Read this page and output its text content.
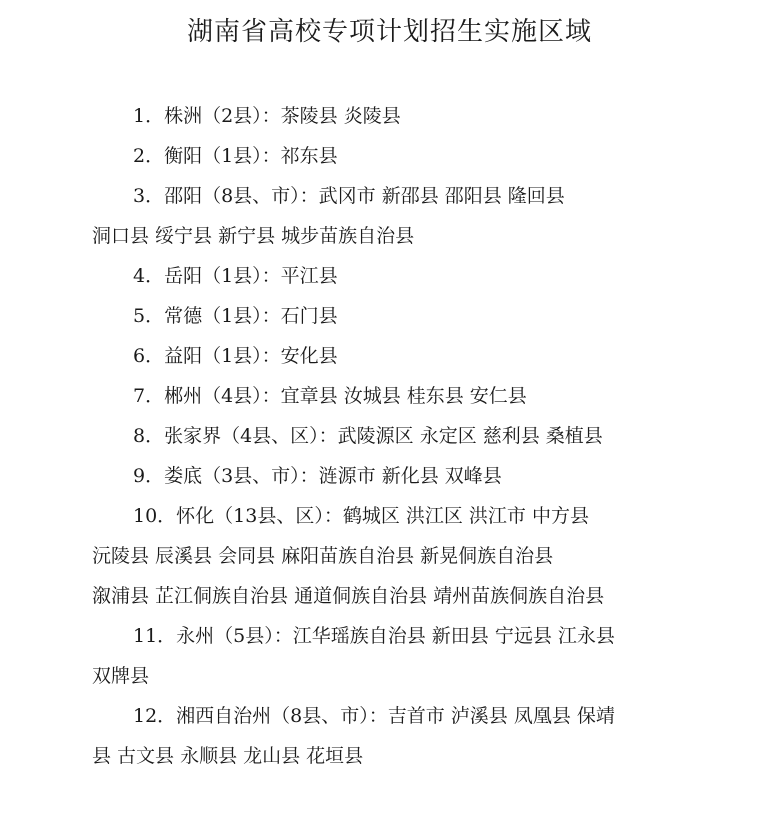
湖南省高校专项计划招生实施区域

1．株洲（2县）：茶陵县 炎陵县

2．衡阳（1县）：祁东县

3．邵阳（8县、市）：武冈市 新邵县 邵阳县 隆回县

洞口县 绥宁县 新宁县 城步苗族自治县

4．岳阳（1县）：平江县

5．常德（1县）：石门县

6．益阳（1县）：安化县

7．郴州（4县）：宜章县 汝城县 桂东县 安仁县

8．张家界（4县、区）：武陵源区 永定区 慈利县 桑植县

9．娄底（3县、市）：涟源市 新化县 双峰县

10．怀化（13县、区）：鹤城区 洪江区 洪江市 中方县

沅陵县 辰溪县 会同县 麻阳苗族自治县 新晃侗族自治县

溆浦县 芷江侗族自治县 通道侗族自治县 靖州苗族侗族自治县

11．永州（5县）：江华瑶族自治县 新田县 宁远县 江永县

双牌县

12．湘西自治州（8县、市）：吉首市 泸溪县 凤凰县 保靖

县 古文县 永顺县 龙山县 花垣县
